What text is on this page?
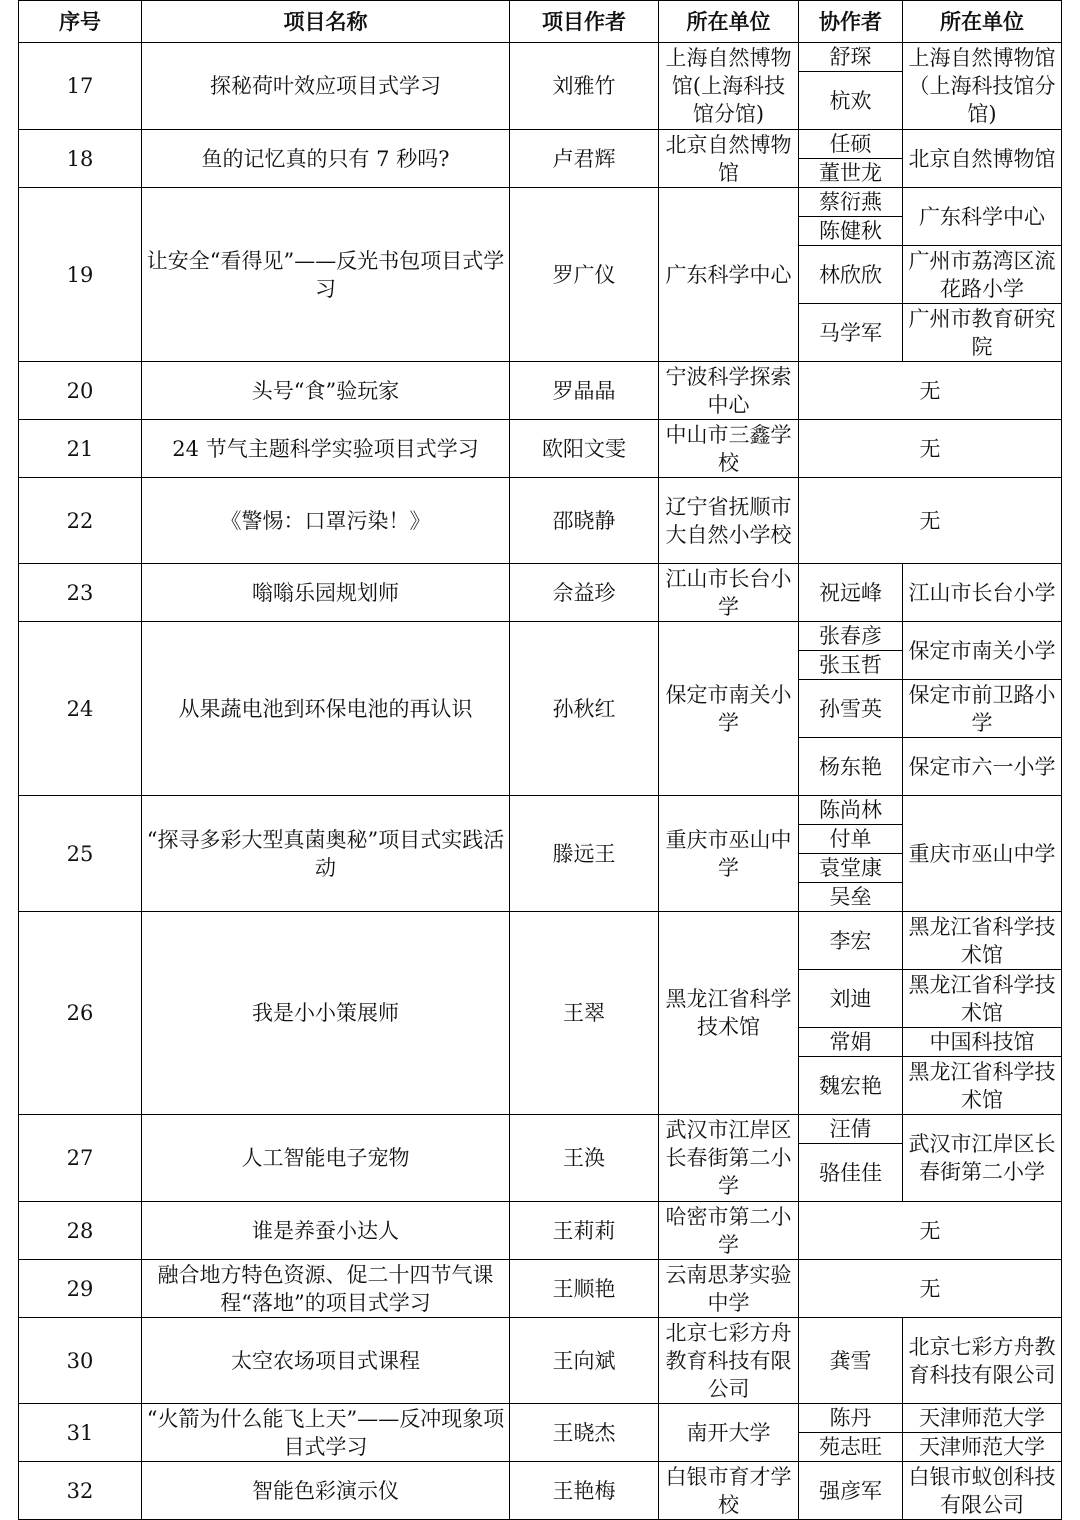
序号	项目名称	项目作者	所在单位	协作者	所在单位
17	探秘荷叶效应项目式学习	刘雅竹	上海自然博物馆(上海科技馆分馆)	舒琛	上海自然博物馆（上海科技馆分馆)
				杭欢	
18	鱼的记忆真的只有 7 秒吗?	卢君辉	北京自然博物馆	任硕	北京自然博物馆
				董世龙	
19	让安全“看得见”——反光书包项目式学习	罗广仪	广东科学中心	蔡衍燕	广东科学中心
				陈健秋	
				林欣欣	广州市荔湾区流花路小学
				马学军	广州市教育研究院
20	头号“食”验玩家	罗晶晶	宁波科学探索中心	无	
21	24 节气主题科学实验项目式学习	欧阳文雯	中山市三鑫学校	无	
22	《警惕：口罩污染！》	邵晓静	辽宁省抚顺市大自然小学校	无	
23	嗡嗡乐园规划师	佘益珍	江山市长台小学	祝远峰	江山市长台小学
24	从果蔬电池到环保电池的再认识	孙秋红	保定市南关小学	张春彦	保定市南关小学
				张玉哲	
				孙雪英	保定市前卫路小学
				杨东艳	保定市六一小学
25	“探寻多彩大型真菌奥秘”项目式实践活动	滕远王	重庆市巫山中学	陈尚林	重庆市巫山中学
				付单	
				袁堂康	
				吴垒	
26	我是小小策展师	王翠	黑龙江省科学技术馆	李宏	黑龙江省科学技术馆
				刘迪	黑龙江省科学技术馆
				常娟	中国科技馆
				魏宏艳	黑龙江省科学技术馆
27	人工智能电子宠物	王涣	武汉市江岸区长春街第二小学	汪倩	武汉市江岸区长春街第二小学
				骆佳佳	
28	谁是养蚕小达人	王莉莉	哈密市第二小学	无	
29	融合地方特色资源、促二十四节气课程“落地”的项目式学习	王顺艳	云南思茅实验中学	无	
30	太空农场项目式课程	王向斌	北京七彩方舟教育科技有限公司	龚雪	北京七彩方舟教育科技有限公司
31	“火箭为什么能飞上天”——反冲现象项目式学习	王晓杰	南开大学	陈丹	天津师范大学
				苑志旺	天津师范大学
32	智能色彩演示仪	王艳梅	白银市育才学校	强彦军	白银市蚁创科技有限公司
